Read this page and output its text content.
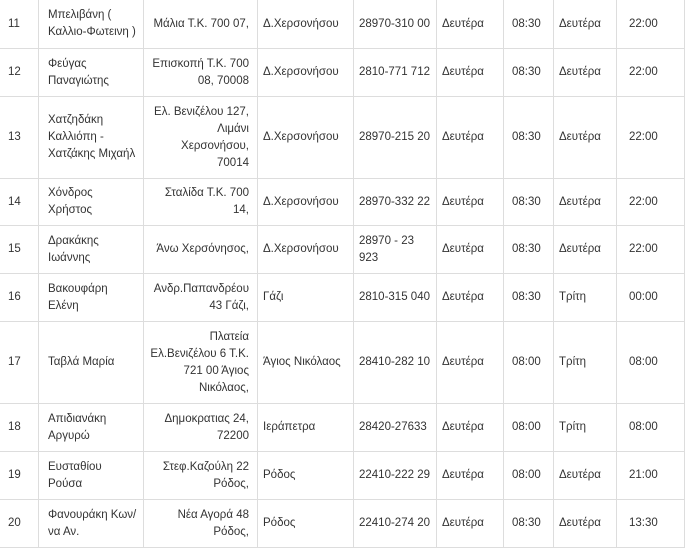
11	Μπελιβάνη ( Καλλιο-Φωτεινη )	Μάλια Τ.Κ. 700 07,	Δ.Χερσονήσου	28970-310 00	Δευτέρα	08:30	Δευτέρα	22:00
12	Φεύγας Παναγιώτης	Επισκοπή Τ.Κ. 700 08, 70008	Δ.Χερσονήσου	2810-771 712	Δευτέρα	08:30	Δευτέρα	22:00
13	Χατζηδάκη Καλλιόπη - Χατζάκης Μιχαήλ	Ελ. Βενιζέλου 127, Λιμάνι Χερσονήσου, 70014	Δ.Χερσονήσου	28970-215 20	Δευτέρα	08:30	Δευτέρα	22:00
14	Χόνδρος Χρήστος	Σταλίδα Τ.Κ. 700 14,	Δ.Χερσονήσου	28970-332 22	Δευτέρα	08:30	Δευτέρα	22:00
15	Δρακάκης Ιωάννης	Άνω Χερσόνησος,	Δ.Χερσονήσου	28970 - 23 923	Δευτέρα	08:30	Δευτέρα	22:00
16	Βακουφάρη Ελένη	Ανδρ.Παπανδρέου 43 Γάζι,	Γάζι	2810-315 040	Δευτέρα	08:30	Τρίτη	00:00
17	Ταβλά Μαρία	Πλατεία Ελ.Βενιζέλου 6 Τ.Κ. 721 00 Άγιος Νικόλαος,	Άγιος Νικόλαος	28410-282 10	Δευτέρα	08:00	Τρίτη	08:00
18	Απιδιανάκη Αργυρώ	Δημοκρατιας 24, 72200	Ιεράπετρα	28420-27633	Δευτέρα	08:00	Τρίτη	08:00
19	Ευσταθίου Ρούσα	Στεφ.Καζούλη 22 Ρόδος,	Ρόδος	22410-222 29	Δευτέρα	08:00	Δευτέρα	21:00
20	Φανουράκη Κων/να Αν.	Νέα Αγορά 48 Ρόδος,	Ρόδος	22410-274 20	Δευτέρα	08:30	Δευτέρα	13:30
